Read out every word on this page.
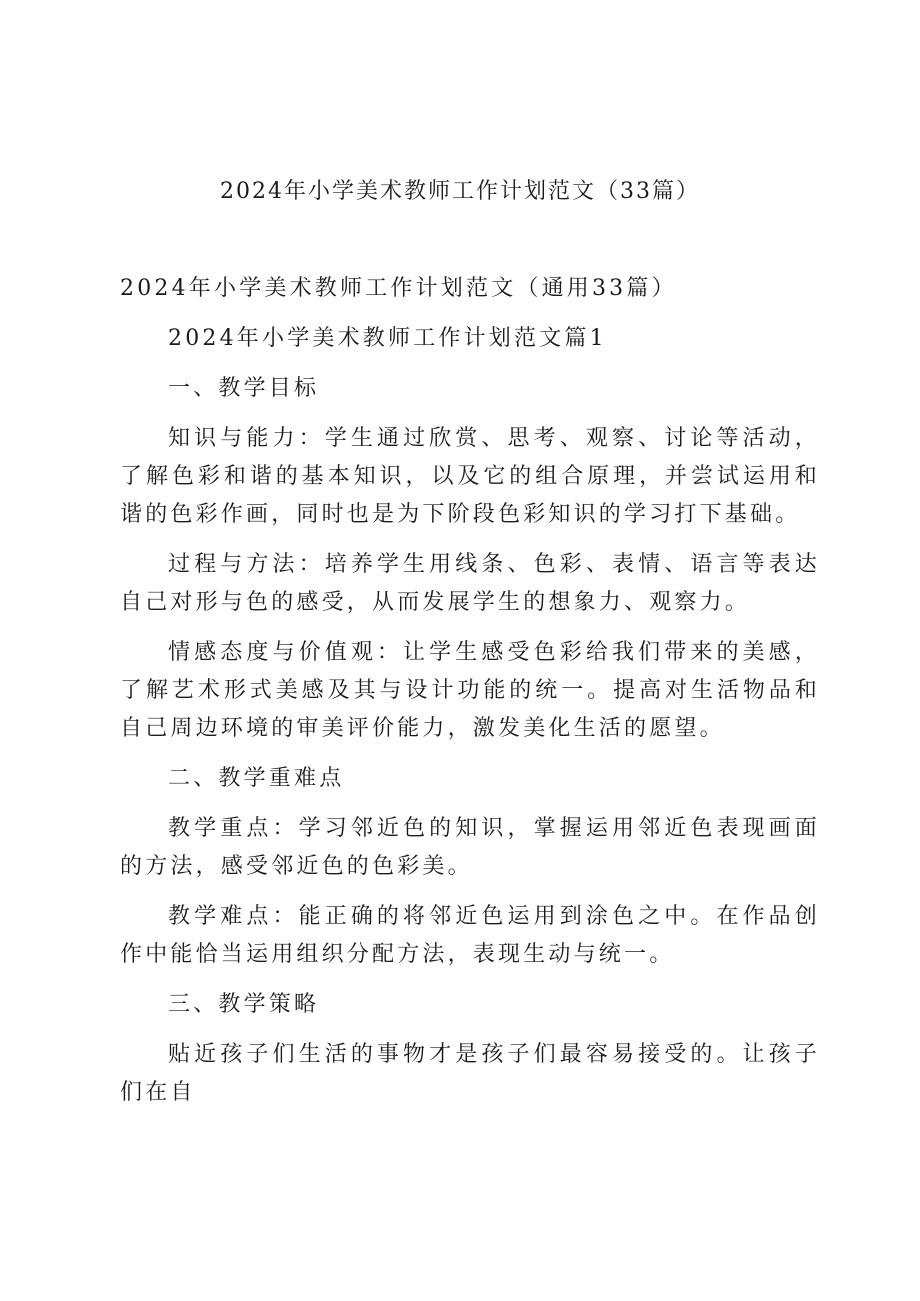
2024年小学美术教师工作计划范文（33篇）

2024年小学美术教师工作计划范文（通用33篇）

2024年小学美术教师工作计划范文篇1

一、教学目标

知识与能力：学生通过欣赏、思考、观察、讨论等活动，了解色彩和谐的基本知识，以及它的组合原理，并尝试运用和谐的色彩作画，同时也是为下阶段色彩知识的学习打下基础。

过程与方法：培养学生用线条、色彩、表情、语言等表达自己对形与色的感受，从而发展学生的想象力、观察力。

情感态度与价值观：让学生感受色彩给我们带来的美感，了解艺术形式美感及其与设计功能的统一。提高对生活物品和自己周边环境的审美评价能力，激发美化生活的愿望。

二、教学重难点

教学重点：学习邻近色的知识，掌握运用邻近色表现画面的方法，感受邻近色的色彩美。

教学难点：能正确的将邻近色运用到涂色之中。在作品创作中能恰当运用组织分配方法，表现生动与统一。

三、教学策略

贴近孩子们生活的事物才是孩子们最容易接受的。让孩子们在自
